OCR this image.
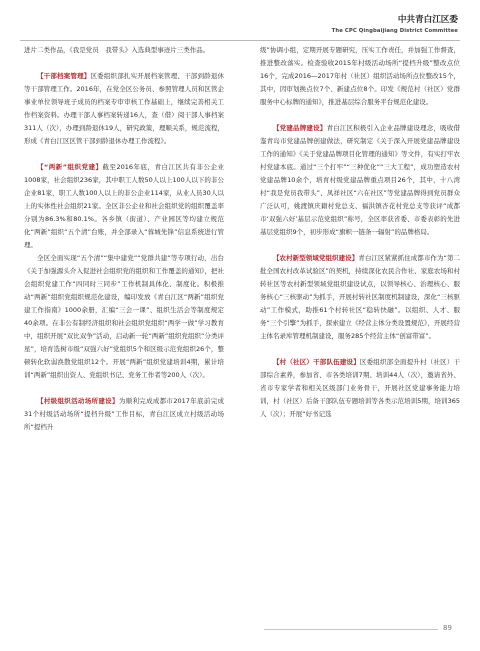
中共青白江区委
The CPC Qingbaijiang District Committee

进片二类作品，《我是党员　我带头》入选典型事迹片三类作品。

【干部档案管理】区委组织部扎实开展档案管理、干部到龄退休等干部管理工作。2016年，在党全区公务员、参照管理人员和区管企事业单位领导班子成员的档案专审审核工作基础上，继续完善相关工作档案资料。办理干部人事档案转递16人，查（借）阅干部人事档案311人（次），办理到龄退休19人，研究政策，理顺关系，规范流程，形成《青白江区区管干部到龄退休办理工作流程》。

【“两新”组织党建】截至2016年底，青白江区共有非公企业1008家，社会组织236家，其中职工人数50人以上100人以下的非公企业81家，职工人数100人以上的非公企业114家，从业人员30人以上的实体性社会组织21家。全区非公企业和社会组织党的组织覆盖率分别为86.3%和80.1%。各乡镇（街道）、产业园区等均建立规范化“两新”组织“五个清”台账，并全部录入“蓉城先锋”信息系统进行管理。

全区全面实现“五个清”“集中建党”“党群共建”等专项行动，出台《关于加强源头介入促进社会组织党的组织和工作覆盖的通知》，把社会组织党建工作“四同时三同步”工作机制具体化、制度化。积极推动“两新”组织党组织规范化建设，编印发放《青白江区“两新”组织党建工作指南》1000余册，汇编“三会一课”、组织生活会等制度规定40余项。在非公有制经济组织和社会组织党组织“两学一做”学习教育中，组织开展“双比双争”活动，启动新一轮“两新”组织党组织“分类评星”，培育选树市级“双强六好”党组织5个和区级示范党组织26个，整顿转化软弱涣散党组织12个。开展“两新”组织党建培训4期，累计培训“两新”组织出资人、党组织书记、党务工作者等200人（次）。

【村级组织活动场所建设】为顺利完成成都市2017年底前完成31个村级活动场所“提档升级”工作目标，青白江区成立村级活动场所“提档升

级”协调小组，定期开展专题研究，压实工作责任，并加强工作督查，推进整改落实。检查验收2015年村级活动场所“提档升级”整改点位16个，完成2016—2017年村（社区）组织活动场所点位整改15个，其中，因审划换点位7个、新建点位8个。印发《规范村（社区）党群服务中心标牌的通知》，推进基层综合服务平台规范化建设。

【党建品牌建设】青白江区积极引入企业品牌建设理念，吸收借鉴青岛市党建品牌创建做法，研究制定《关于深入开展党建品牌建设工作的通知》《关于党建品牌项目化管理的通知》等文件，有实打牢农村党建本底。通过“三个打牢”“三种优化”“三大工程”，成功塑造农村党建品牌10余个，培育村级党建品牌重点项目26个，其中，十八湾村“我是党员我带头”、凤祥社区“六在社区”等党建品牌得到党员群众广泛认可，姚渡镇庆籍村党总支、福洪镇杏花村党总支等获评“成都市‘双强六好’基层示范党组织”称号，全区率获省委、市委表彰的先进基层党组织9个，初步形成“旗帜一链条一辐射”的品牌格局。

【农村新型领域党组织建设】青白江区紧紧抓住成都市作为“第二批全国农村改革试验区”的契机，持续深化农民合作社、家庭农场和村转社区等农村新型领域党组织建设试点，以领导核心、治理核心、服务核心“三核驱动”为抓手，开展村转社区制度机制建设，深化“三核驱动”工作模式，助推61个村转社区“稳转快融”。以组织、人才、服务“三个引擎”为抓手，探索建立《经营主体分类设置规范》，开展经营主体名录库管理机制建设，服务285个经营主体“创富带富”。

【村（社区）干部队伍建设】区委组织部全面提升村（社区）干部综合素养，参加省、市各类培训7期、培训44人（次），邀请省外、省市专家学者和相关区级部门业务骨干，开展社区党建事务能力培训，村（社区）后备干部队伍专题培训等各类示范培训5期，培训365人（次）；开展“好书记选

89
